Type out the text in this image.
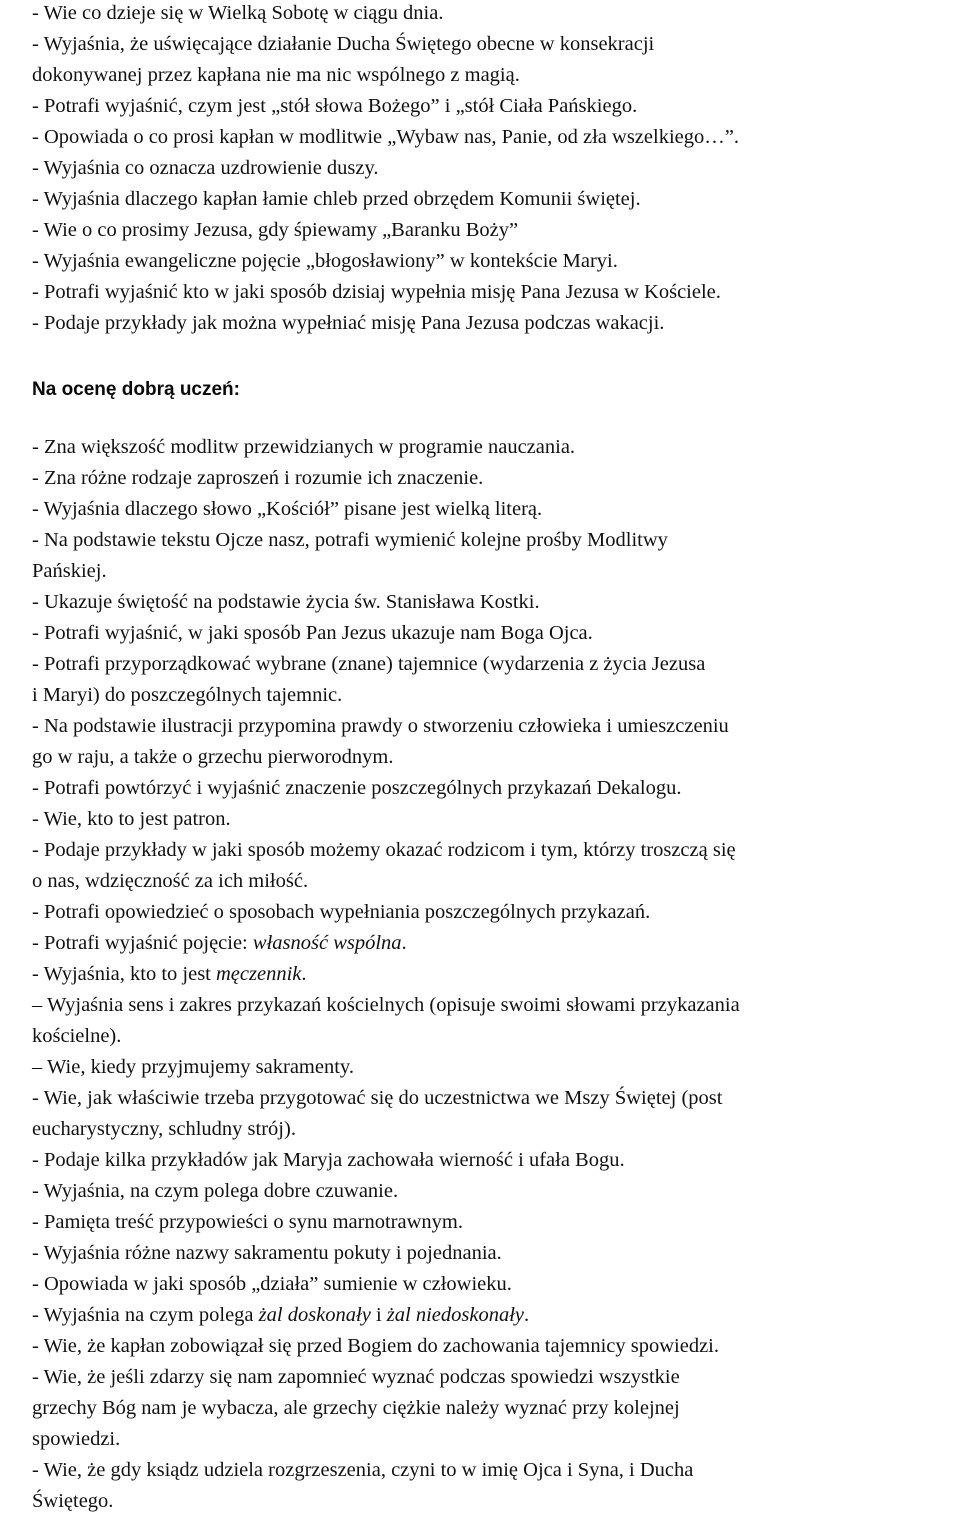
- Wie co dzieje się w Wielką Sobotę w ciągu dnia.
- Wyjaśnia, że uświęcające działanie Ducha Świętego obecne w konsekracji
dokonywanej przez kapłana nie ma nic wspólnego z magią.
- Potrafi wyjaśnić, czym jest „stół słowa Bożego” i „stół Ciała Pańskiego.
- Opowiada o co prosi kapłan w modlitwie „Wybaw nas, Panie, od zła wszelkiego…”.
- Wyjaśnia co oznacza uzdrowienie duszy.
- Wyjaśnia dlaczego kapłan łamie chleb przed obrzędem Komunii świętej.
- Wie o co prosimy Jezusa, gdy śpiewamy „Baranku Boży”
- Wyjaśnia ewangeliczne pojęcie „błogosławiony” w kontekście Maryi.
- Potrafi wyjaśnić kto w jaki sposób dzisiaj wypełnia misję Pana Jezusa w Kościele.
- Podaje przykłady jak można wypełniać misję Pana Jezusa podczas wakacji.
Na ocenę dobrą uczeń:
- Zna większość modlitw przewidzianych w programie nauczania.
- Zna różne rodzaje zaproszeń i rozumie ich znaczenie.
- Wyjaśnia dlaczego słowo „Kościół” pisane jest wielką literą.
- Na podstawie tekstu Ojcze nasz, potrafi wymienić kolejne prośby Modlitwy
Pańskiej.
- Ukazuje świętość na podstawie życia św. Stanisława Kostki.
- Potrafi wyjaśnić, w jaki sposób Pan Jezus ukazuje nam Boga Ojca.
- Potrafi przyporządkować wybrane (znane) tajemnice (wydarzenia z życia Jezusa
i Maryi) do poszczególnych tajemnic.
- Na podstawie ilustracji przypomina prawdy o stworzeniu człowieka i umieszczeniu
go w raju, a także o grzechu pierworodnym.
- Potrafi powtórzyć i wyjaśnić znaczenie poszczególnych przykazań Dekalogu.
- Wie, kto to jest patron.
- Podaje przykłady w jaki sposób możemy okazać rodzicom i tym, którzy troszczą się
o nas, wdzięczność za ich miłość.
- Potrafi opowiedzieć o sposobach wypełniania poszczególnych przykazań.
- Potrafi wyjaśnić pojęcie: własność wspólna.
- Wyjaśnia, kto to jest męczennik.
– Wyjaśnia sens i zakres przykazań kościelnych (opisuje swoimi słowami przykazania
kościelne).
– Wie, kiedy przyjmujemy sakramenty.
- Wie, jak właściwie trzeba przygotować się do uczestnictwa we Mszy Świętej (post
eucharystyczny, schludny strój).
- Podaje kilka przykładów jak Maryja zachowała wierność i ufała Bogu.
- Wyjaśnia, na czym polega dobre czuwanie.
- Pamięta treść przypowieści o synu marnotrawnym.
- Wyjaśnia różne nazwy sakramentu pokuty i pojednania.
- Opowiada w jaki sposób „działa” sumienie w człowieku.
- Wyjaśnia na czym polega żal doskonały i żal niedoskonały.
- Wie, że kapłan zobowiązał się przed Bogiem do zachowania tajemnicy spowiedzi.
- Wie, że jeśli zdarzy się nam zapomnieć wyznać podczas spowiedzi wszystkie
grzechy Bóg nam je wybacza, ale grzechy ciężkie należy wyznać przy kolejnej
spowiedzi.
- Wie, że gdy ksiądz udziela rozgrzeszenia, czyni to w imię Ojca i Syna, i Ducha
Świętego.
